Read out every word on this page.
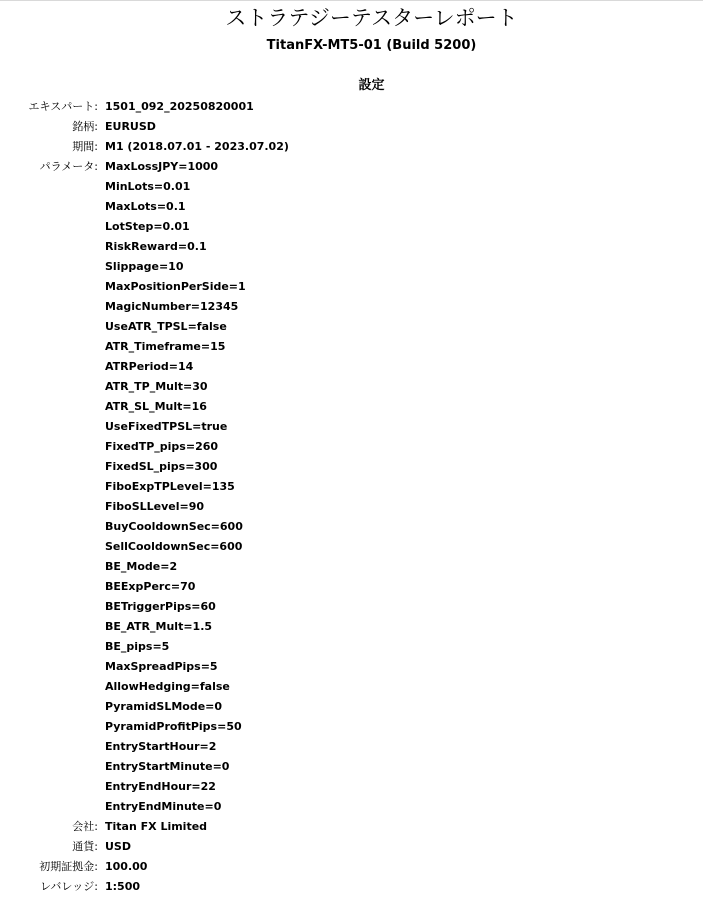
ストラテジーテスターレポート
TitanFX-MT5-01 (Build 5200)
設定
エキスパート: 1501_092_20250820001
銘柄: EURUSD
期間: M1 (2018.07.01 - 2023.07.02)
パラメータ: MaxLossJPY=1000
MinLots=0.01
MaxLots=0.1
LotStep=0.01
RiskReward=0.1
Slippage=10
MaxPositionPerSide=1
MagicNumber=12345
UseATR_TPSL=false
ATR_Timeframe=15
ATRPeriod=14
ATR_TP_Mult=30
ATR_SL_Mult=16
UseFixedTPSL=true
FixedTP_pips=260
FixedSL_pips=300
FiboExpTPLevel=135
FiboSLLevel=90
BuyCooldownSec=600
SellCooldownSec=600
BE_Mode=2
BEExpPerc=70
BETriggerPips=60
BE_ATR_Mult=1.5
BE_pips=5
MaxSpreadPips=5
AllowHedging=false
PyramidSLMode=0
PyramidProfitPips=50
EntryStartHour=2
EntryStartMinute=0
EntryEndHour=22
EntryEndMinute=0
会社: Titan FX Limited
通貨: USD
初期証拠金: 100.00
レバレッジ: 1:500
